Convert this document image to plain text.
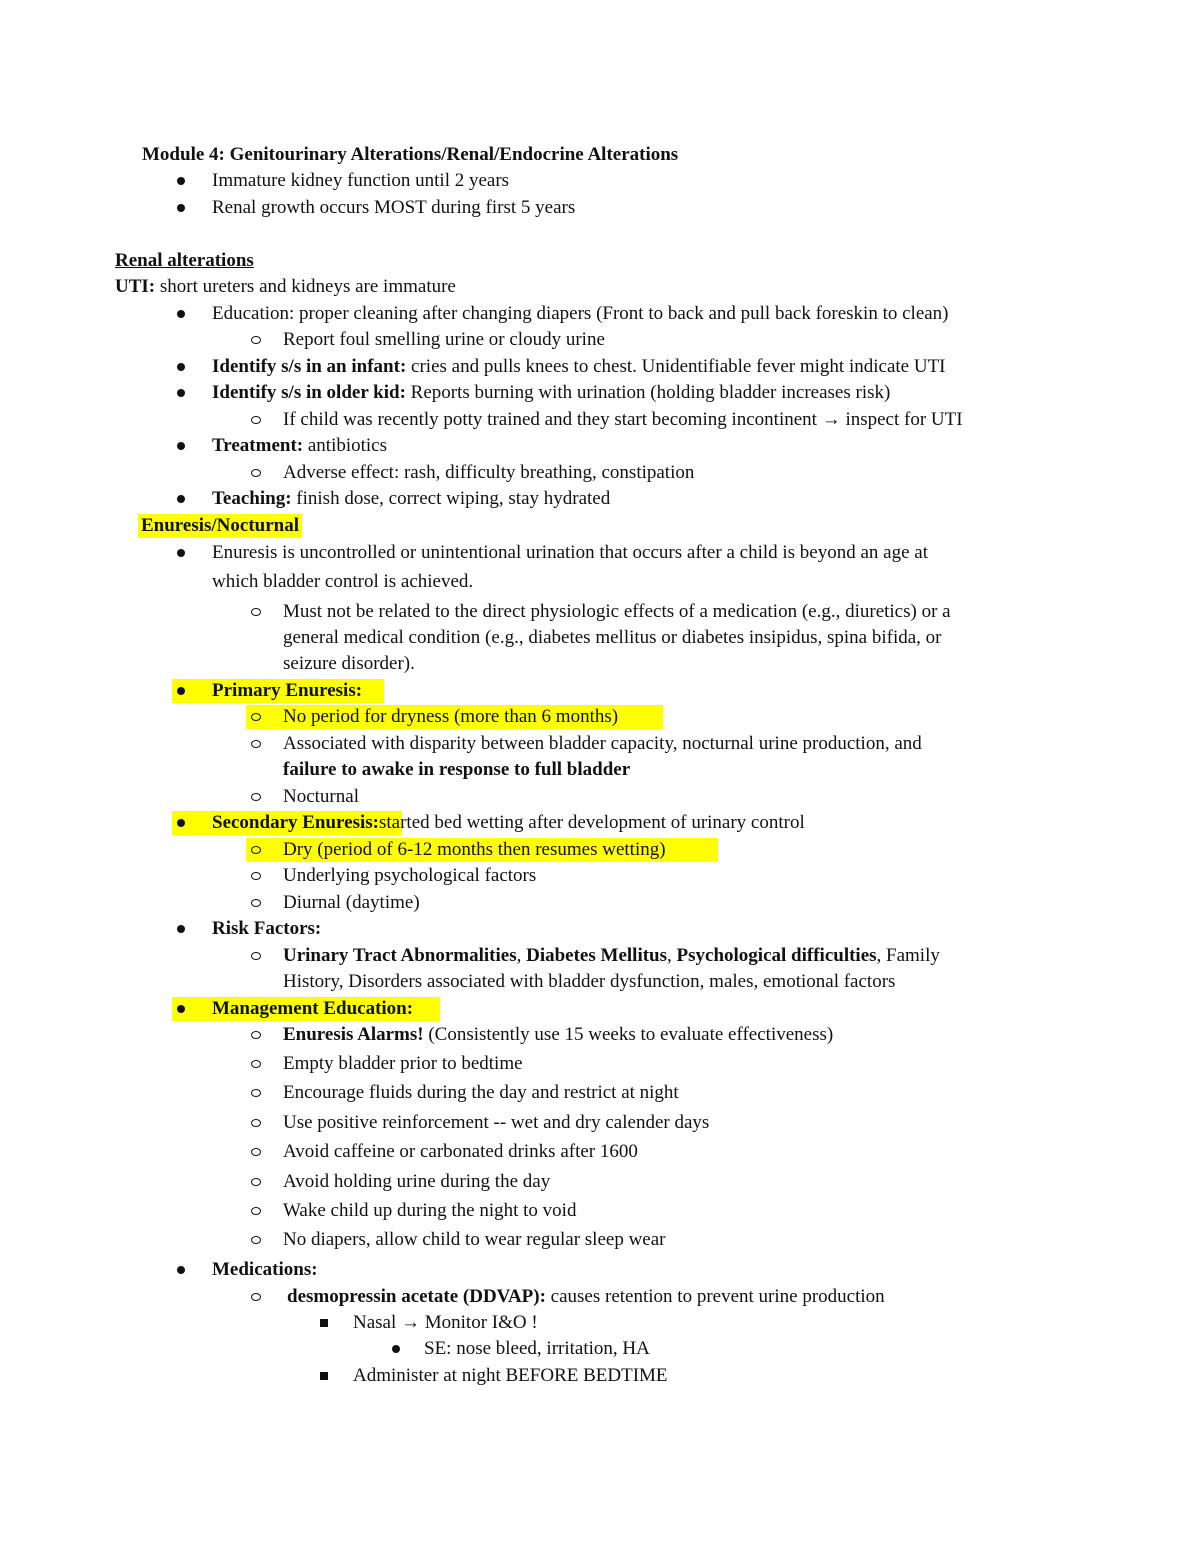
Module 4: Genitourinary Alterations/Renal/Endocrine Alterations
Immature kidney function until 2 years
Renal growth occurs MOST during first 5 years
Renal alterations
UTI: short ureters and kidneys are immature
Education: proper cleaning after changing diapers (Front to back and pull back foreskin to clean)
Report foul smelling urine or cloudy urine
Identify s/s in an infant: cries and pulls knees to chest. Unidentifiable fever might indicate UTI
Identify s/s in older kid: Reports burning with urination (holding bladder increases risk)
If child was recently potty trained and they start becoming incontinent → inspect for UTI
Treatment: antibiotics
Adverse effect: rash, difficulty breathing, constipation
Teaching: finish dose, correct wiping, stay hydrated
Enuresis/Nocturnal
Enuresis is uncontrolled or unintentional urination that occurs after a child is beyond an age at
which bladder control is achieved.
Must not be related to the direct physiologic effects of a medication (e.g., diuretics) or a
general medical condition (e.g., diabetes mellitus or diabetes insipidus, spina bifida, or
seizure disorder).
Primary Enuresis:
No period for dryness (more than 6 months)
Associated with disparity between bladder capacity, nocturnal urine production, and
failure to awake in response to full bladder
Nocturnal
Secondary Enuresis:started bed wetting after development of urinary control
Dry (period of 6-12 months then resumes wetting)
Underlying psychological factors
Diurnal (daytime)
Risk Factors:
Urinary Tract Abnormalities, Diabetes Mellitus, Psychological difficulties, Family
History, Disorders associated with bladder dysfunction, males, emotional factors
Management Education:
Enuresis Alarms! (Consistently use 15 weeks to evaluate effectiveness)
Empty bladder prior to bedtime
Encourage fluids during the day and restrict at night
Use positive reinforcement -- wet and dry calender days
Avoid caffeine or carbonated drinks after 1600
Avoid holding urine during the day
Wake child up during the night to void
No diapers, allow child to wear regular sleep wear
Medications:
desmopressin acetate (DDVAP): causes retention to prevent urine production
Nasal → Monitor I&O !
SE: nose bleed, irritation, HA
Administer at night BEFORE BEDTIME
